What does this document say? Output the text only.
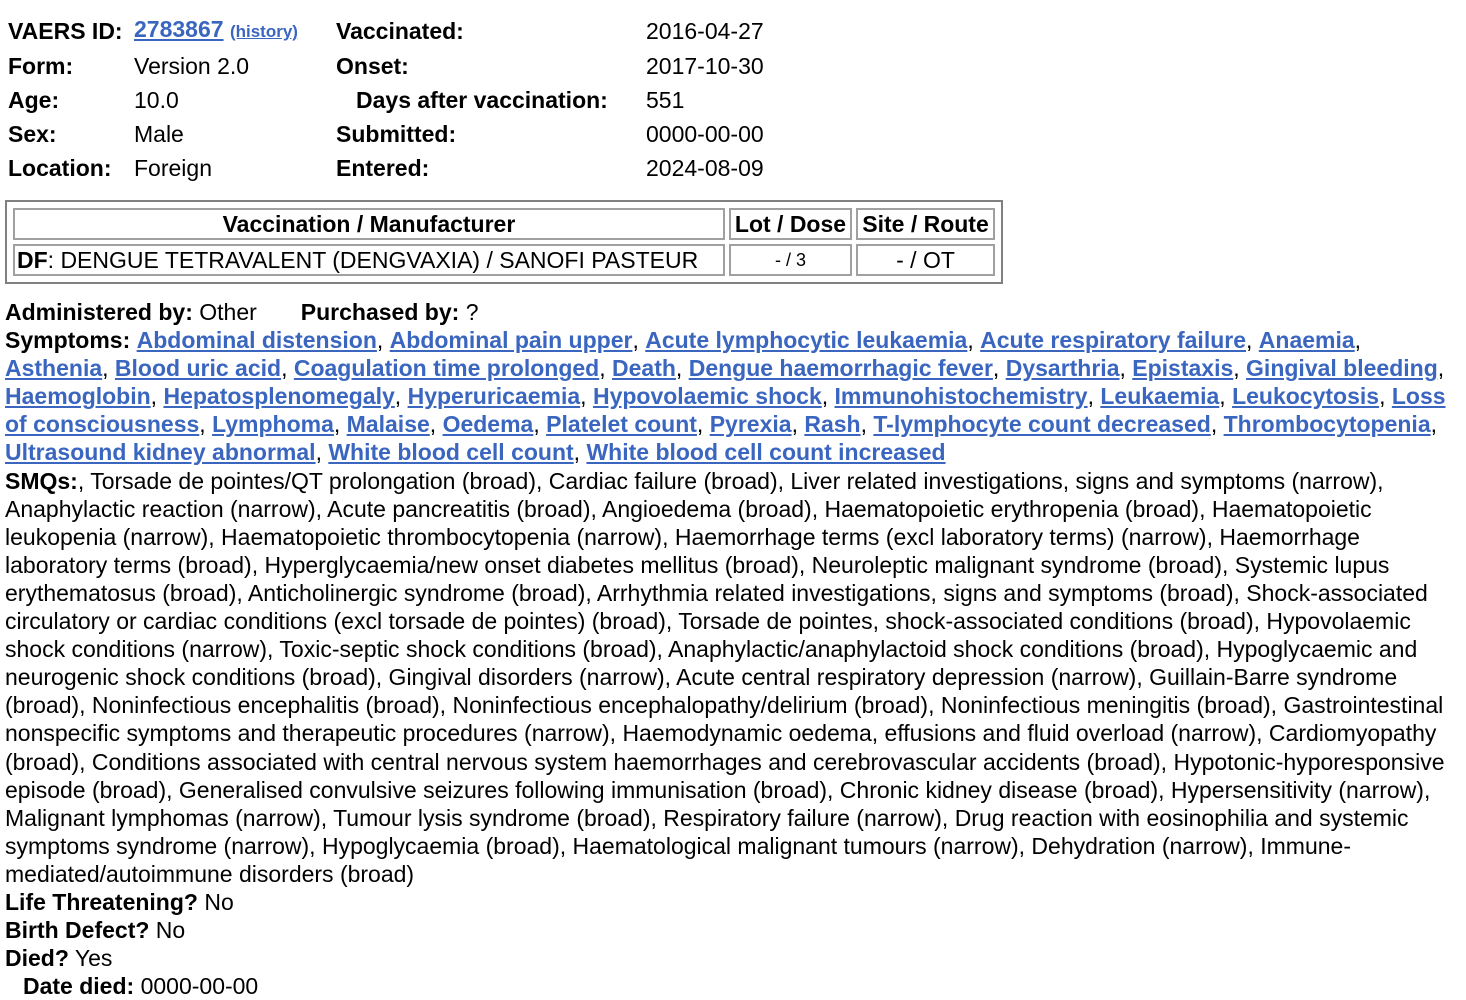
VAERS ID:	2783867 (history)	Vaccinated:	2016-04-27
Form:	Version 2.0	Onset:	2017-10-30
Age:	10.0	Days after vaccination:	551
Sex:	Male	Submitted:	0000-00-00
Location:	Foreign	Entered:	2024-08-09
Vaccination / Manufacturer	Lot / Dose	Site / Route
DF: DENGUE TETRAVALENT (DENGVAXIA) / SANOFI PASTEUR	- / 3	- / OT
Administered by: Other Purchased by: ?
Symptoms: Abdominal distension, Abdominal pain upper, Acute lymphocytic leukaemia, Acute respiratory failure, Anaemia, Asthenia, Blood uric acid, Coagulation time prolonged, Death, Dengue haemorrhagic fever, Dysarthria, Epistaxis, Gingival bleeding, Haemoglobin, Hepatosplenomegaly, Hyperuricaemia, Hypovolaemic shock, Immunohistochemistry, Leukaemia, Leukocytosis, Loss of consciousness, Lymphoma, Malaise, Oedema, Platelet count, Pyrexia, Rash, T-lymphocyte count decreased, Thrombocytopenia, Ultrasound kidney abnormal, White blood cell count, White blood cell count increased
SMQs:, Torsade de pointes/QT prolongation (broad), Cardiac failure (broad), Liver related investigations, signs and symptoms (narrow), Anaphylactic reaction (narrow), Acute pancreatitis (broad), Angioedema (broad), Haematopoietic erythropenia (broad), Haematopoietic leukopenia (narrow), Haematopoietic thrombocytopenia (narrow), Haemorrhage terms (excl laboratory terms) (narrow), Haemorrhage laboratory terms (broad), Hyperglycaemia/new onset diabetes mellitus (broad), Neuroleptic malignant syndrome (broad), Systemic lupus erythematosus (broad), Anticholinergic syndrome (broad), Arrhythmia related investigations, signs and symptoms (broad), Shock-associated circulatory or cardiac conditions (excl torsade de pointes) (broad), Torsade de pointes, shock-associated conditions (broad), Hypovolaemic shock conditions (narrow), Toxic-septic shock conditions (broad), Anaphylactic/anaphylactoid shock conditions (broad), Hypoglycaemic and neurogenic shock conditions (broad), Gingival disorders (narrow), Acute central respiratory depression (narrow), Guillain-Barre syndrome (broad), Noninfectious encephalitis (broad), Noninfectious encephalopathy/delirium (broad), Noninfectious meningitis (broad), Gastrointestinal nonspecific symptoms and therapeutic procedures (narrow), Haemodynamic oedema, effusions and fluid overload (narrow), Cardiomyopathy (broad), Conditions associated with central nervous system haemorrhages and cerebrovascular accidents (broad), Hypotonic-hyporesponsive episode (broad), Generalised convulsive seizures following immunisation (broad), Chronic kidney disease (broad), Hypersensitivity (narrow), Malignant lymphomas (narrow), Tumour lysis syndrome (broad), Respiratory failure (narrow), Drug reaction with eosinophilia and systemic symptoms syndrome (narrow), Hypoglycaemia (broad), Haematological malignant tumours (narrow), Dehydration (narrow), Immune-mediated/autoimmune disorders (broad)
Life Threatening? No
Birth Defect? No
Died? Yes
Date died: 0000-00-00
